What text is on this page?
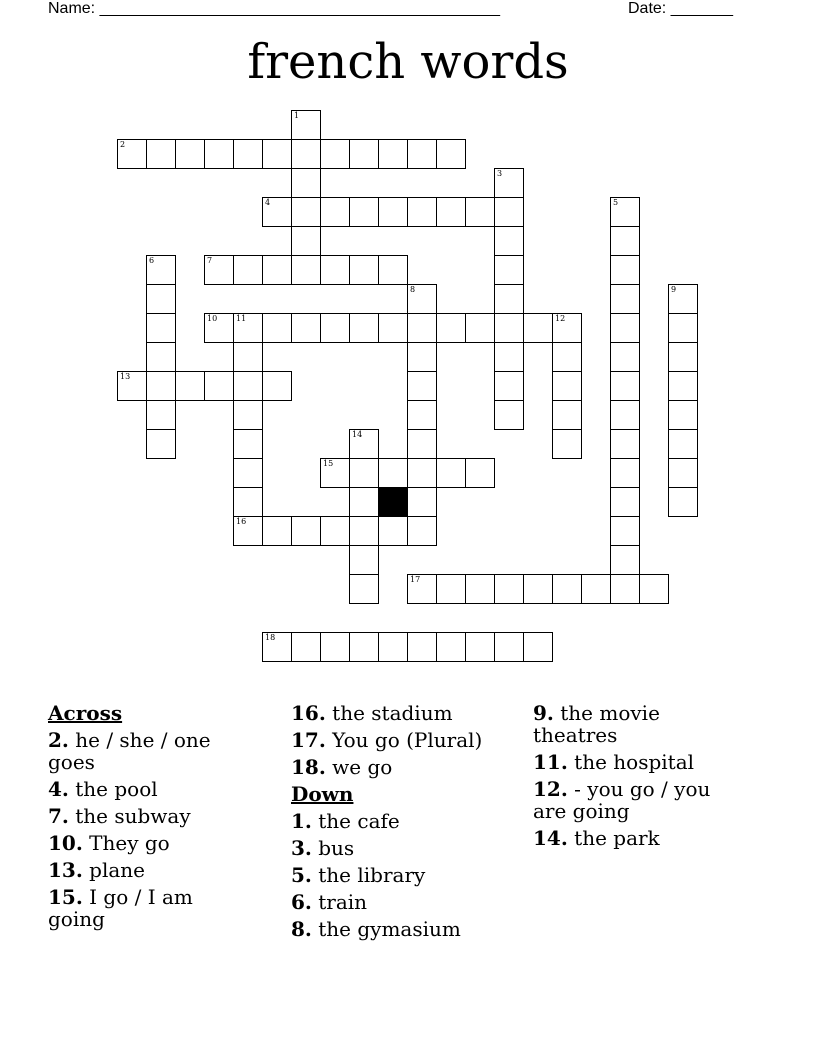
Name: _____________________________________________	Date: _______
french words
1
2
3
4	5
6	7
8	9
10 11	12
16
13
14
15
17
18
Across
2. he / she / one goes
4. the pool
7. the subway
10. They go
13. plane
15. I go / I am going
16. the stadium
17. You go (Plural)
18. we go
Down
1. the cafe
3. bus
5. the library
6. train
8. the gymasium
9. the movie theatres
11. the hospital
12. - you go / you are going
14. the park
